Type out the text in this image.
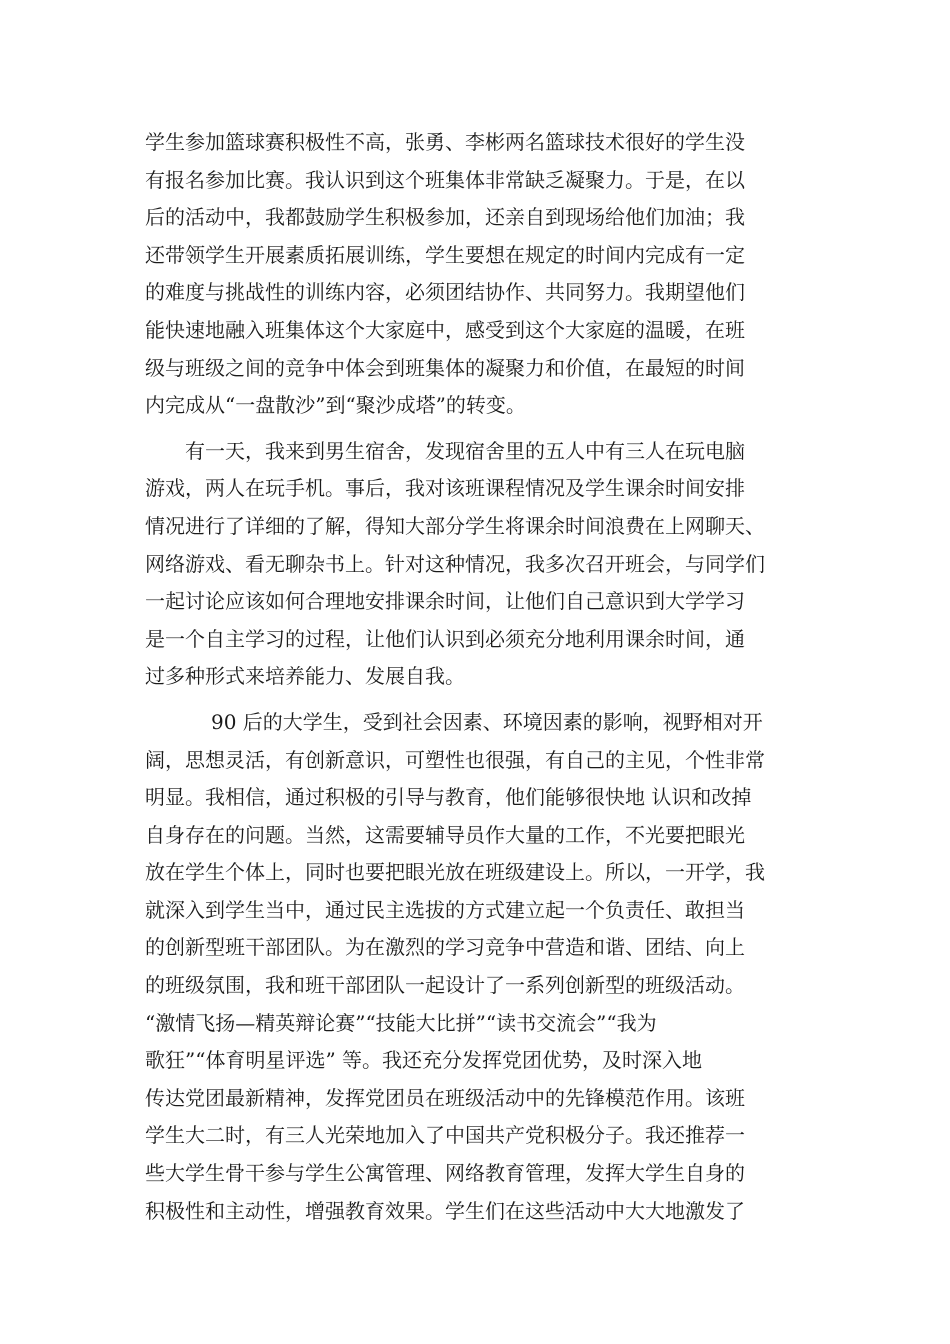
学生参加篮球赛积极性不高，张勇、李彬两名篮球技术很好的学生没

有报名参加比赛。我认识到这个班集体非常缺乏凝聚力。于是，在以

后的活动中，我都鼓励学生积极参加，还亲自到现场给他们加油；我

还带领学生开展素质拓展训练，学生要想在规定的时间内完成有一定

的难度与挑战性的训练内容，必须团结协作、共同努力。我期望他们

能快速地融入班集体这个大家庭中，感受到这个大家庭的温暖，在班

级与班级之间的竞争中体会到班集体的凝聚力和价值，在最短的时间

内完成从“一盘散沙”到“聚沙成塔”的转变。

有一天，我来到男生宿舍，发现宿舍里的五人中有三人在玩电脑

游戏，两人在玩手机。事后，我对该班课程情况及学生课余时间安排

情况进行了详细的了解，得知大部分学生将课余时间浪费在上网聊天、

网络游戏、看无聊杂书上。针对这种情况，我多次召开班会，与同学们

一起讨论应该如何合理地安排课余时间，让他们自己意识到大学学习

是一个自主学习的过程，让他们认识到必须充分地利用课余时间，通

过多种形式来培养能力、发展自我。

90 后的大学生，受到社会因素、环境因素的影响，视野相对开

阔，思想灵活，有创新意识，可塑性也很强，有自己的主见，个性非常

明显。我相信，通过积极的引导与教育，他们能够很快地 认识和改掉

自身存在的问题。当然，这需要辅导员作大量的工作，不光要把眼光

放在学生个体上，同时也要把眼光放在班级建设上。所以，一开学，我

就深入到学生当中，通过民主选拔的方式建立起一个负责任、敢担当

的创新型班干部团队。为在激烈的学习竞争中营造和谐、团结、向上

的班级氛围，我和班干部团队一起设计了一系列创新型的班级活动。

“激情飞扬—精英辩论赛”“技能大比拼”“读书交流会”“我为

歌狂”“体育明星评选” 等。我还充分发挥党团优势，及时深入地

传达党团最新精神，发挥党团员在班级活动中的先锋模范作用。该班

学生大二时，有三人光荣地加入了中国共产党积极分子。我还推荐一

些大学生骨干参与学生公寓管理、网络教育管理，发挥大学生自身的

积极性和主动性，增强教育效果。学生们在这些活动中大大地激发了
